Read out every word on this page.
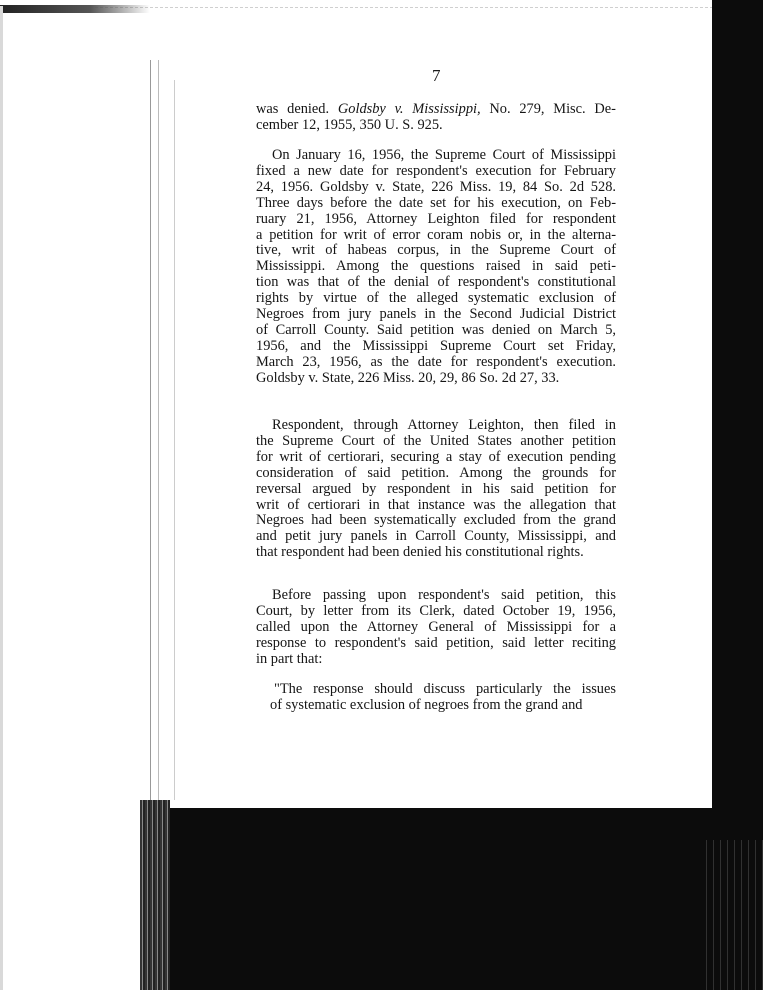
7
was denied. Goldsby v. Mississippi, No. 279, Misc. De-
cember 12, 1955, 350 U. S. 925.
On January 16, 1956, the Supreme Court of Mississippi
fixed a new date for respondent's execution for February
24, 1956. Goldsby v. State, 226 Miss. 19, 84 So. 2d 528.
Three days before the date set for his execution, on Feb-
ruary 21, 1956, Attorney Leighton filed for respondent
a petition for writ of error coram nobis or, in the alterna-
tive, writ of habeas corpus, in the Supreme Court of
Mississippi. Among the questions raised in said peti-
tion was that of the denial of respondent's constitutional
rights by virtue of the alleged systematic exclusion of
Negroes from jury panels in the Second Judicial District
of Carroll County. Said petition was denied on March 5,
1956, and the Mississippi Supreme Court set Friday,
March 23, 1956, as the date for respondent's execution.
Goldsby v. State, 226 Miss. 20, 29, 86 So. 2d 27, 33.
Respondent, through Attorney Leighton, then filed in
the Supreme Court of the United States another petition
for writ of certiorari, securing a stay of execution pending
consideration of said petition. Among the grounds for
reversal argued by respondent in his said petition for
writ of certiorari in that instance was the allegation that
Negroes had been systematically excluded from the grand
and petit jury panels in Carroll County, Mississippi, and
that respondent had been denied his constitutional rights.
Before passing upon respondent's said petition, this
Court, by letter from its Clerk, dated October 19, 1956,
called upon the Attorney General of Mississippi for a
response to respondent's said petition, said letter reciting
in part that:
"The response should discuss particularly the issues
of systematic exclusion of negroes from the grand and
